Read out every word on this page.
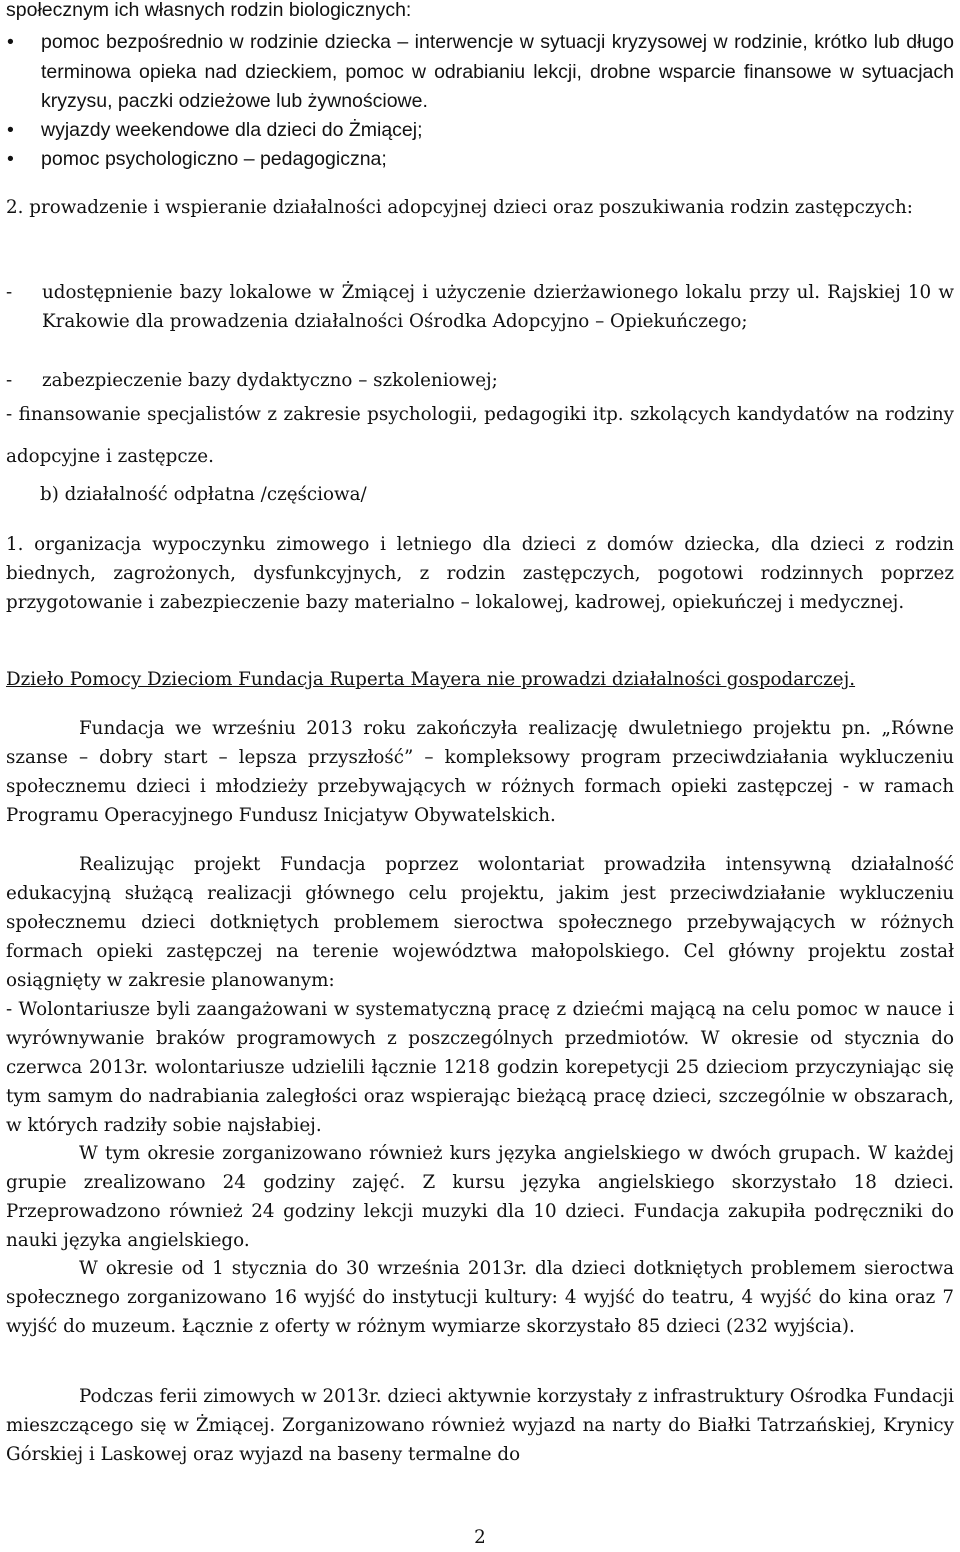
społecznym ich własnych rodzin biologicznych:

•	pomoc bezpośrednio w rodzinie dziecka – interwencje w sytuacji kryzysowej w rodzinie, krótko lub długo terminowa opieka nad dzieckiem, pomoc w odrabianiu lekcji, drobne wsparcie finansowe w sytuacjach kryzysu, paczki odzieżowe lub żywnościowe.
•	wyjazdy weekendowe dla dzieci do Żmiącej;
•	pomoc psychologiczno – pedagogiczna;

2. prowadzenie i wspieranie działalności adopcyjnej dzieci oraz poszukiwania rodzin zastępczych:

-	udostępnienie bazy lokalowe w Żmiącej i użyczenie dzierżawionego lokalu przy ul. Rajskiej 10 w Krakowie dla prowadzenia działalności Ośrodka Adopcyjno – Opiekuńczego;
-	zabezpieczenie bazy dydaktyczno – szkoleniowej;

- finansowanie specjalistów z zakresie psychologii, pedagogiki itp. szkolących kandydatów na rodziny adopcyjne i zastępcze.

b) działalność odpłatna /częściowa/

1. organizacja wypoczynku zimowego i letniego dla dzieci z domów dziecka, dla dzieci z rodzin biednych, zagrożonych, dysfunkcyjnych, z rodzin zastępczych, pogotowi rodzinnych poprzez przygotowanie i zabezpieczenie bazy materialno – lokalowej, kadrowej, opiekuńczej i medycznej.

Dzieło Pomocy Dzieciom Fundacja Ruperta Mayera nie prowadzi działalności gospodarczej.

Fundacja we wrześniu 2013 roku zakończyła realizację dwuletniego projektu pn. „Równe szanse – dobry start – lepsza przyszłość” – kompleksowy program przeciwdziałania wykluczeniu społecznemu dzieci i młodzieży przebywających w różnych formach opieki zastępczej - w ramach Programu Operacyjnego Fundusz Inicjatyw Obywatelskich.

Realizując projekt Fundacja poprzez wolontariat prowadziła intensywną działalność edukacyjną służącą realizacji głównego celu projektu, jakim jest przeciwdziałanie wykluczeniu społecznemu dzieci dotkniętych problemem sieroctwa społecznego przebywających w różnych formach opieki zastępczej na terenie województwa małopolskiego. Cel główny projektu został osiągnięty w zakresie planowanym:

- Wolontariusze byli zaangażowani w systematyczną pracę z dziećmi mającą na celu pomoc w nauce i wyrównywanie braków programowych z poszczególnych przedmiotów. W okresie od stycznia do czerwca 2013r. wolontariusze udzielili łącznie 1218 godzin korepetycji 25 dzieciom przyczyniając się tym samym do nadrabiania zaległości oraz wspierając bieżącą pracę dzieci, szczególnie w obszarach, w których radziły sobie najsłabiej.

W tym okresie zorganizowano również kurs języka angielskiego w dwóch grupach. W każdej grupie zrealizowano 24 godziny zajęć. Z kursu języka angielskiego skorzystało 18 dzieci. Przeprowadzono również 24 godziny lekcji muzyki dla 10 dzieci. Fundacja zakupiła podręczniki do nauki języka angielskiego.

W okresie od 1 stycznia do 30 września 2013r. dla dzieci dotkniętych problemem sieroctwa społecznego zorganizowano 16 wyjść do instytucji kultury: 4 wyjść do teatru, 4 wyjść do kina oraz 7 wyjść do muzeum. Łącznie z oferty w różnym wymiarze skorzystało 85 dzieci (232 wyjścia).

Podczas ferii zimowych w 2013r. dzieci aktywnie korzystały z infrastruktury Ośrodka Fundacji mieszczącego się w Żmiącej. Zorganizowano również wyjazd na narty do Białki Tatrzańskiej, Krynicy Górskiej i Laskowej oraz wyjazd na baseny termalne do

2
